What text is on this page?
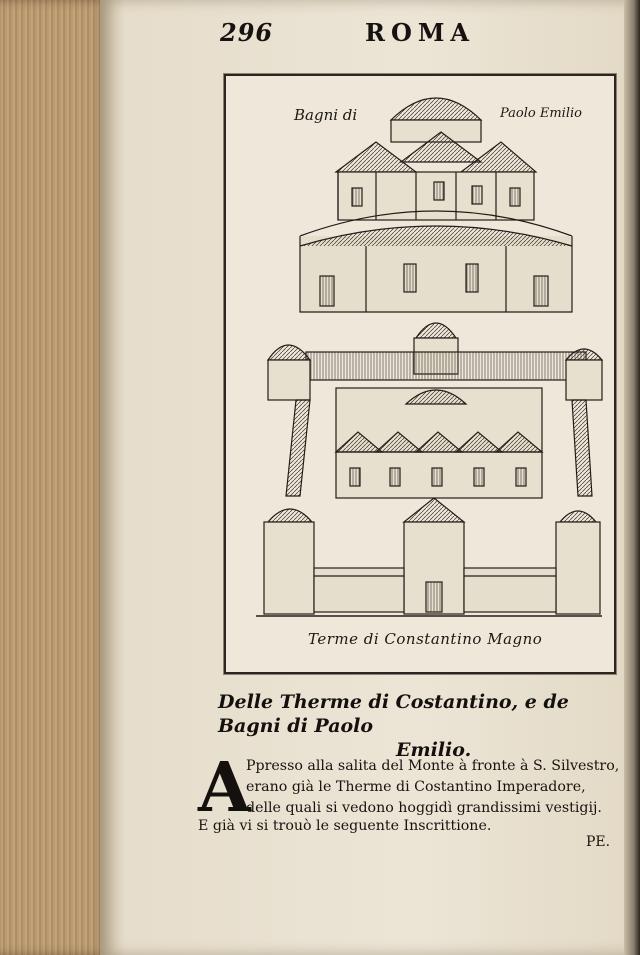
296	ROMA
Bagni di	Paolo Emilio
Terme di Constantino Magno
Delle Therme di Costantino, e de Bagni di Paolo
Emilio.
A
Ppresso alla salita del Monte à fronte à S. Silvestro,
erano già le Therme di Costantino Imperadore,
delle quali si vedono hoggidì grandissimi vestigij.
E già vi si trouò le seguente Inscrittione.
PE.
